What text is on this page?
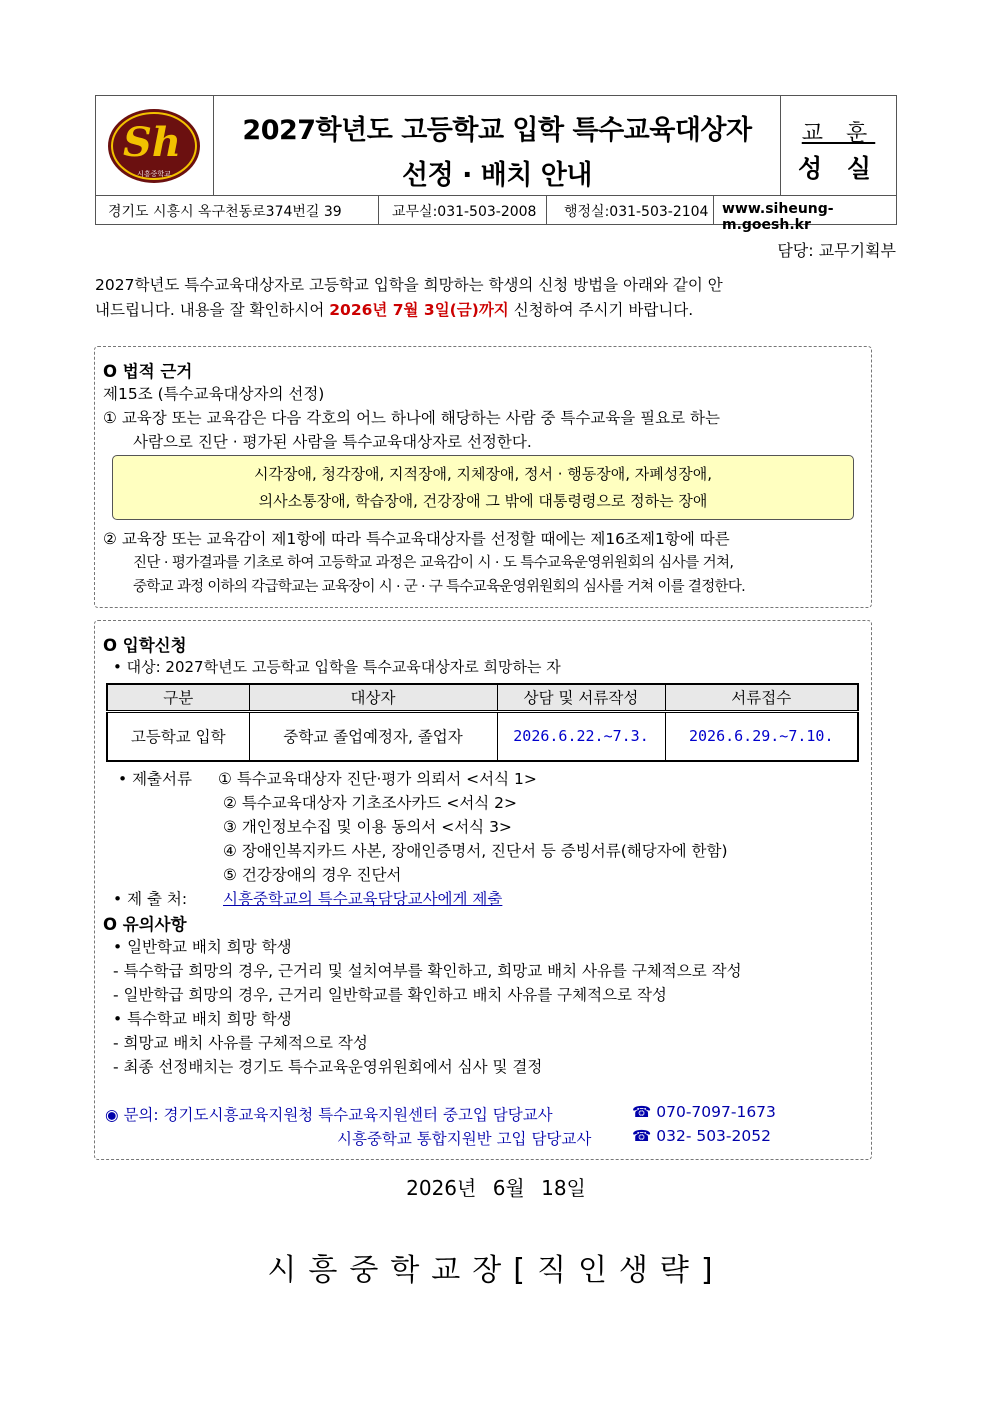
Sh
시흥중학교
2027학년도 고등학교 입학 특수교육대상자
선정 · 배치 안내
교 훈
성 실
경기도 시흥시 옥구천동로374번길 39	교무실:031-503-2008 행정실:031-503-2104 www.siheung-m.goesh.kr
담당: 교무기획부
2027학년도 특수교육대상자로 고등학교 입학을 희망하는 학생의 신청 방법을 아래와 같이 안
내드립니다. 내용을 잘 확인하시어 2026년 7월 3일(금)까지 신청하여 주시기 바랍니다.
O 법적 근거
제15조 (특수교육대상자의 선정)
① 교육장 또는 교육감은 다음 각호의 어느 하나에 해당하는 사람 중 특수교육을 필요로 하는
사람으로 진단 · 평가된 사람을 특수교육대상자로 선정한다.
시각장애, 청각장애, 지적장애, 지체장애, 정서 · 행동장애, 자폐성장애,
의사소통장애, 학습장애, 건강장애 그 밖에 대통령령으로 정하는 장애
② 교육장 또는 교육감이 제1항에 따라 특수교육대상자를 선정할 때에는 제16조제1항에 따른
진단 · 평가결과를 기초로 하여 고등학교 과정은 교육감이 시 · 도 특수교육운영위원회의 심사를 거쳐,
중학교 과정 이하의 각급학교는 교육장이 시 · 군 · 구 특수교육운영위원회의 심사를 거쳐 이를 결정한다.
O 입학신청
• 대상: 2027학년도 고등학교 입학을 특수교육대상자로 희망하는 자
구분	대상자	상담 및 서류작성	서류접수
고등학교 입학	중학교 졸업예정자, 졸업자	2026.6.22.~7.3.	2026.6.29.~7.10.
• 제출서류 ① 특수교육대상자 진단·평가 의뢰서 <서식 1>
② 특수교육대상자 기초조사카드 <서식 2>
③ 개인정보수집 및 이용 동의서 <서식 3>
④ 장애인복지카드 사본, 장애인증명서, 진단서 등 증빙서류(해당자에 한함)
⑤ 건강장애의 경우 진단서
• 제 출 처: 시흥중학교의 특수교육담당교사에게 제출
O 유의사항
• 일반학교 배치 희망 학생
- 특수학급 희망의 경우, 근거리 및 설치여부를 확인하고, 희망교 배치 사유를 구체적으로 작성
- 일반학급 희망의 경우, 근거리 일반학교를 확인하고 배치 사유를 구체적으로 작성
• 특수학교 배치 희망 학생
- 희망교 배치 사유를 구체적으로 작성
- 최종 선정배치는 경기도 특수교육운영위원회에서 심사 및 결정
◉ 문의: 경기도시흥교육지원청 특수교육지원센터 중고입 담당교사	☎ 070-7097-1673
시흥중학교 통합지원반 고입 담당교사	☎ 032- 503-2052
2026년 6월 18일
시흥중학교장[직인생략]
